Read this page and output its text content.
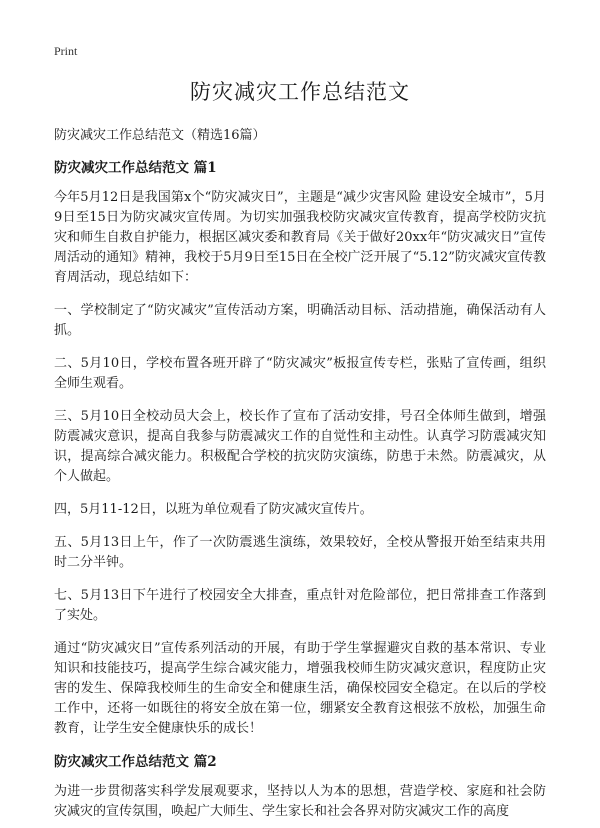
Print
防灾减灾工作总结范文

防灾减灾工作总结范文（精选16篇）

防灾减灾工作总结范文 篇1

今年5月12日是我国第x个“防灾减灾日”，主题是“减少灾害风险 建设安全城市”，5月9日至15日为防灾减灾宣传周。为切实加强我校防灾减灾宣传教育，提高学校防灾抗灾和师生自救自护能力，根据区减灾委和教育局《关于做好20xx年“防灾减灾日”宣传周活动的通知》精神，我校于5月9日至15日在全校广泛开展了“5.12”防灾减灾宣传教育周活动，现总结如下：

一、学校制定了“防灾减灾”宣传活动方案，明确活动目标、活动措施，确保活动有人抓。

二、5月10日，学校布置各班开辟了“防灾减灾”板报宣传专栏，张贴了宣传画，组织全师生观看。

三、5月10日全校动员大会上，校长作了宣布了活动安排，号召全体师生做到，增强防震减灾意识，提高自我参与防震减灾工作的自觉性和主动性。认真学习防震减灾知识，提高综合减灾能力。积极配合学校的抗灾防灾演练，防患于未然。防震减灾，从个人做起。

四，5月11-12日，以班为单位观看了防灾减灾宣传片。

五、5月13日上午，作了一次防震逃生演练，效果较好，全校从警报开始至结束共用时二分半钟。

七、5月13日下午进行了校园安全大排查，重点针对危险部位，把日常排查工作落到了实处。

通过“防灾减灾日”宣传系列活动的开展，有助于学生掌握避灾自救的基本常识、专业知识和技能技巧，提高学生综合减灾能力，增强我校师生防灾减灾意识，程度防止灾害的发生、保障我校师生的生命安全和健康生活，确保校园安全稳定。在以后的学校工作中，还将一如既往的将安全放在第一位，绷紧安全教育这根弦不放松，加强生命教育，让学生安全健康快乐的成长！

防灾减灾工作总结范文 篇2

为进一步贯彻落实科学发展观要求，坚持以人为本的思想，营造学校、家庭和社会防灾减灾的宣传氛围，唤起广大师生、学生家长和社会各界对防灾减灾工作的高度
